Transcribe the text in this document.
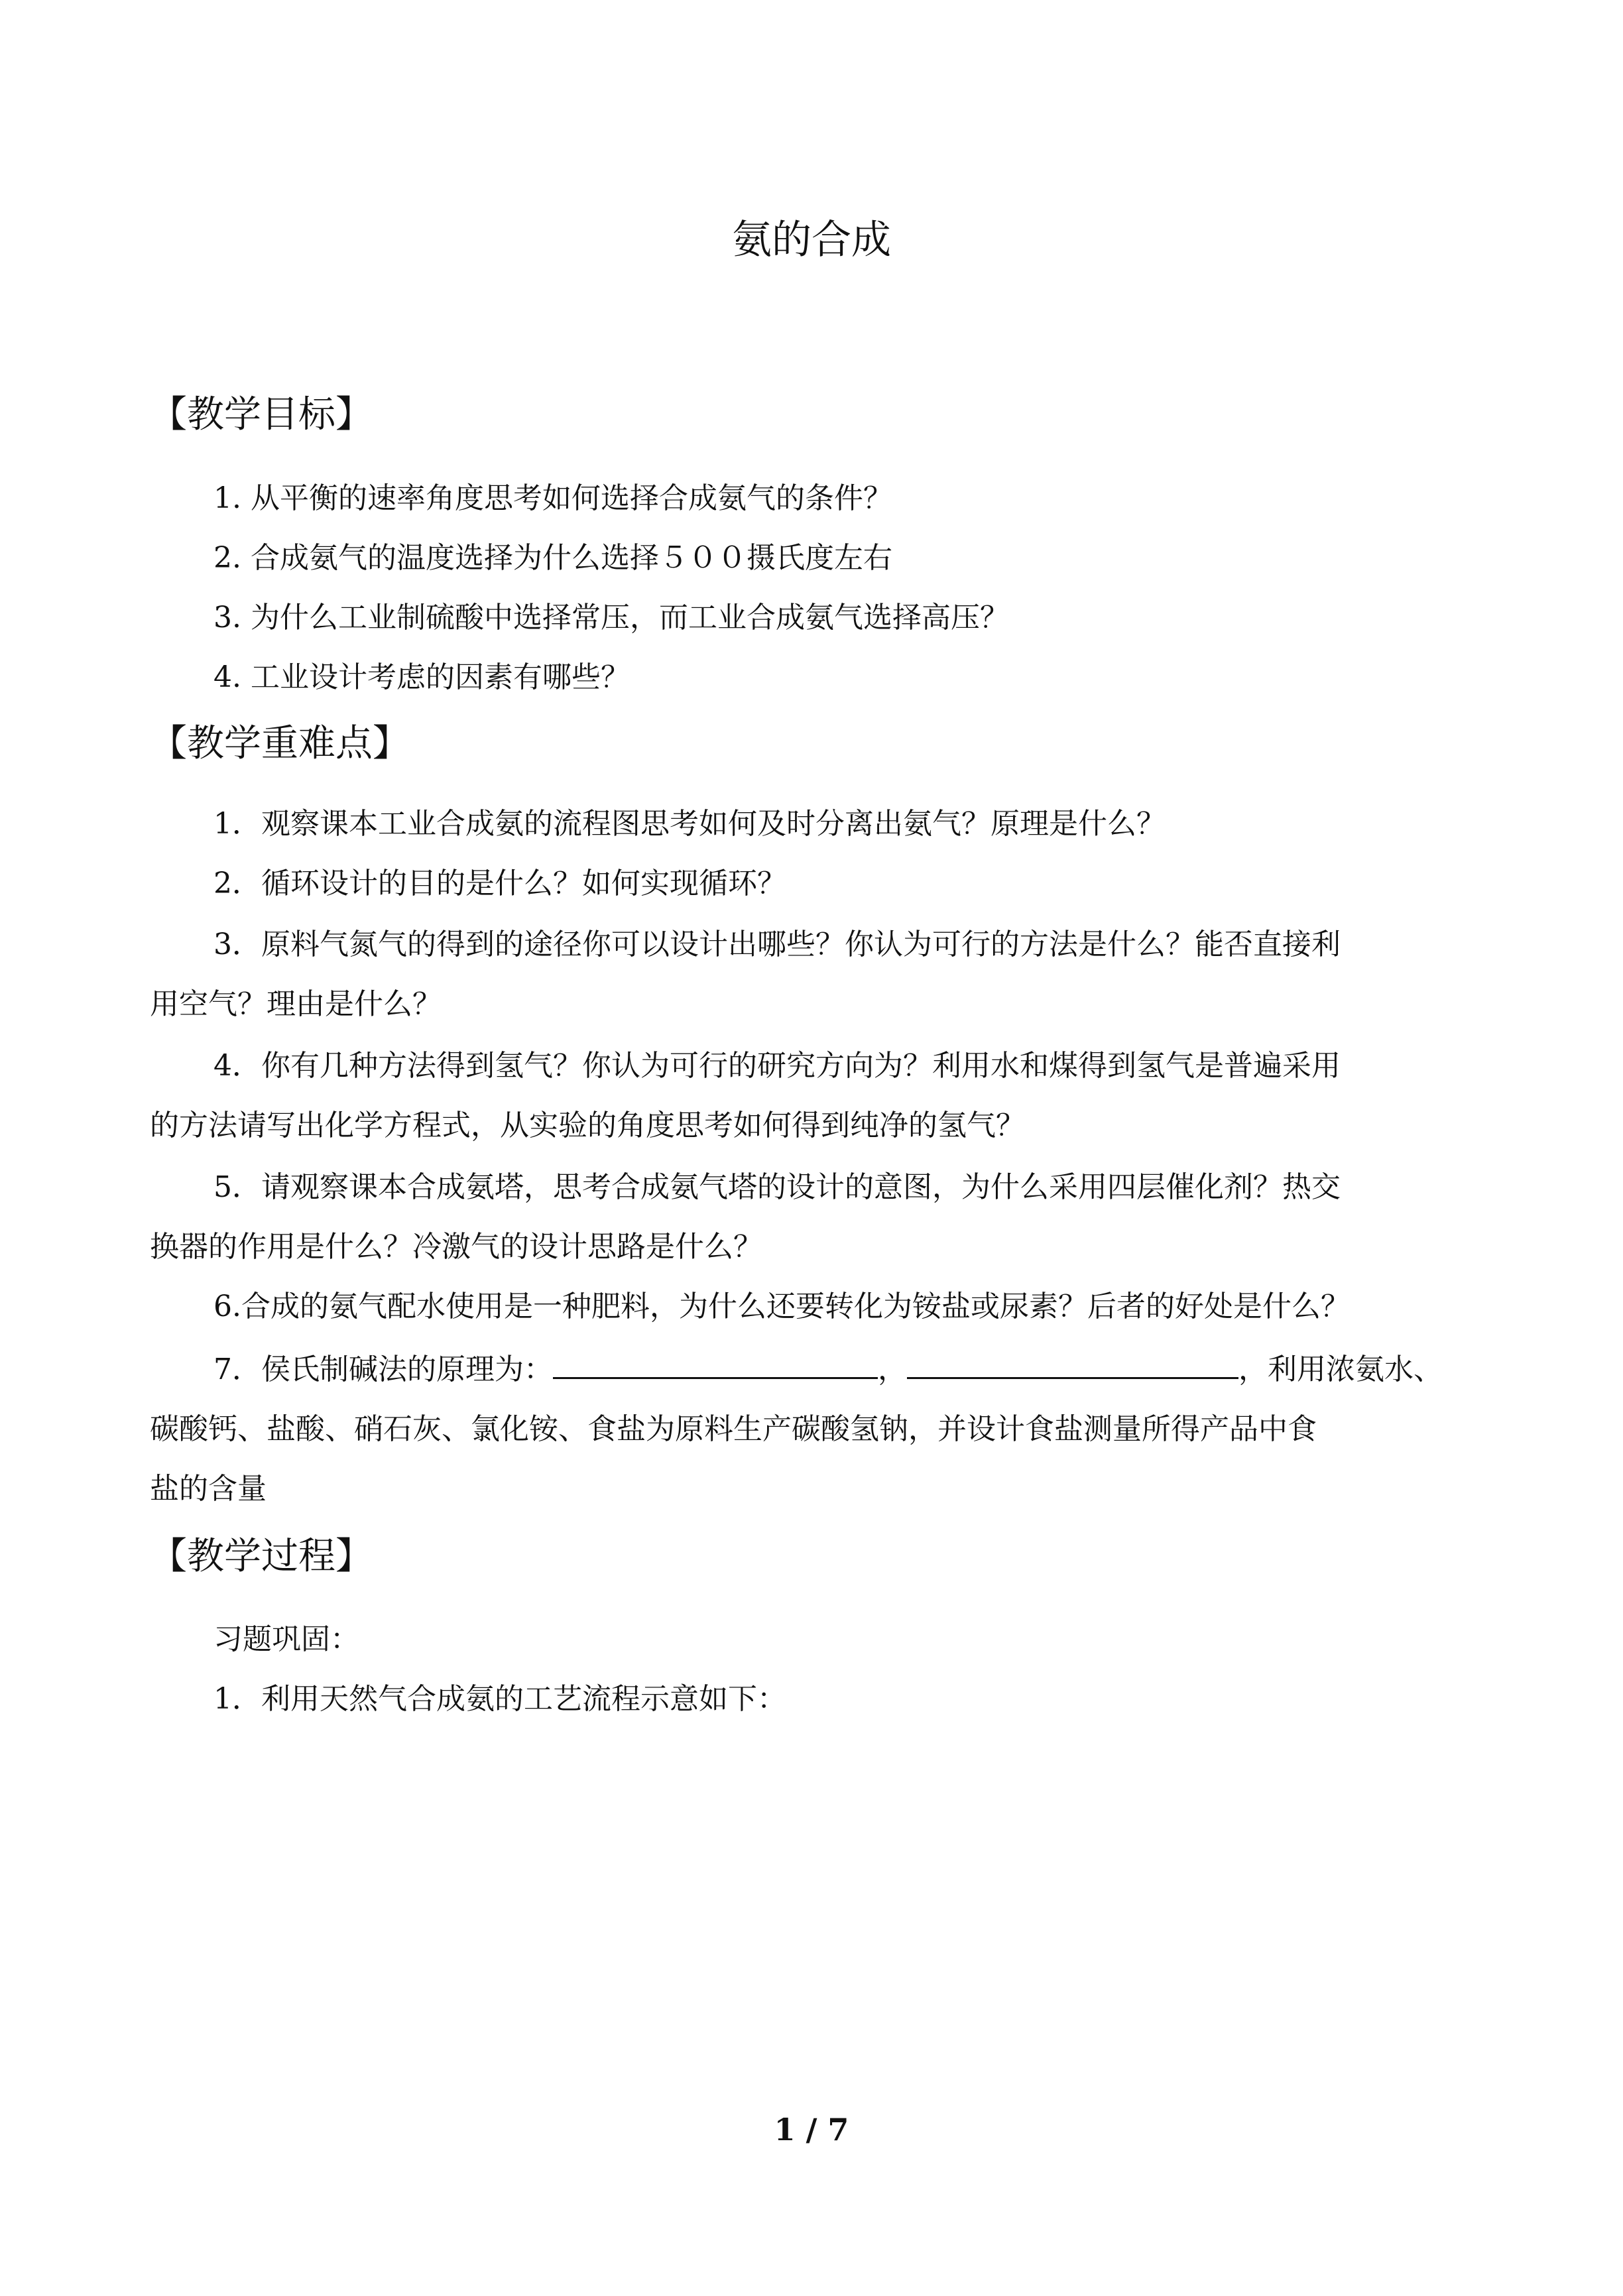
氨的合成
【教学目标】
1. 从平衡的速率角度思考如何选择合成氨气的条件？
2. 合成氨气的温度选择为什么选择５００摄氏度左右
3. 为什么工业制硫酸中选择常压，而工业合成氨气选择高压？
4. 工业设计考虑的因素有哪些？
【教学重难点】
1．观察课本工业合成氨的流程图思考如何及时分离出氨气？原理是什么？
2．循环设计的目的是什么？如何实现循环？
3．原料气氮气的得到的途径你可以设计出哪些？你认为可行的方法是什么？能否直接利
用空气？理由是什么？
4．你有几种方法得到氢气？你认为可行的研究方向为？利用水和煤得到氢气是普遍采用
的方法请写出化学方程式，从实验的角度思考如何得到纯净的氢气？
5．请观察课本合成氨塔，思考合成氨气塔的设计的意图，为什么采用四层催化剂？热交
换器的作用是什么？冷激气的设计思路是什么？
6.合成的氨气配水使用是一种肥料，为什么还要转化为铵盐或尿素？后者的好处是什么？
7．侯氏制碱法的原理为：	，	，利用浓氨水、
碳酸钙、盐酸、硝石灰、氯化铵、食盐为原料生产碳酸氢钠，并设计食盐测量所得产品中食
盐的含量
【教学过程】
习题巩固：
1．利用天然气合成氨的工艺流程示意如下：
1 / 7
